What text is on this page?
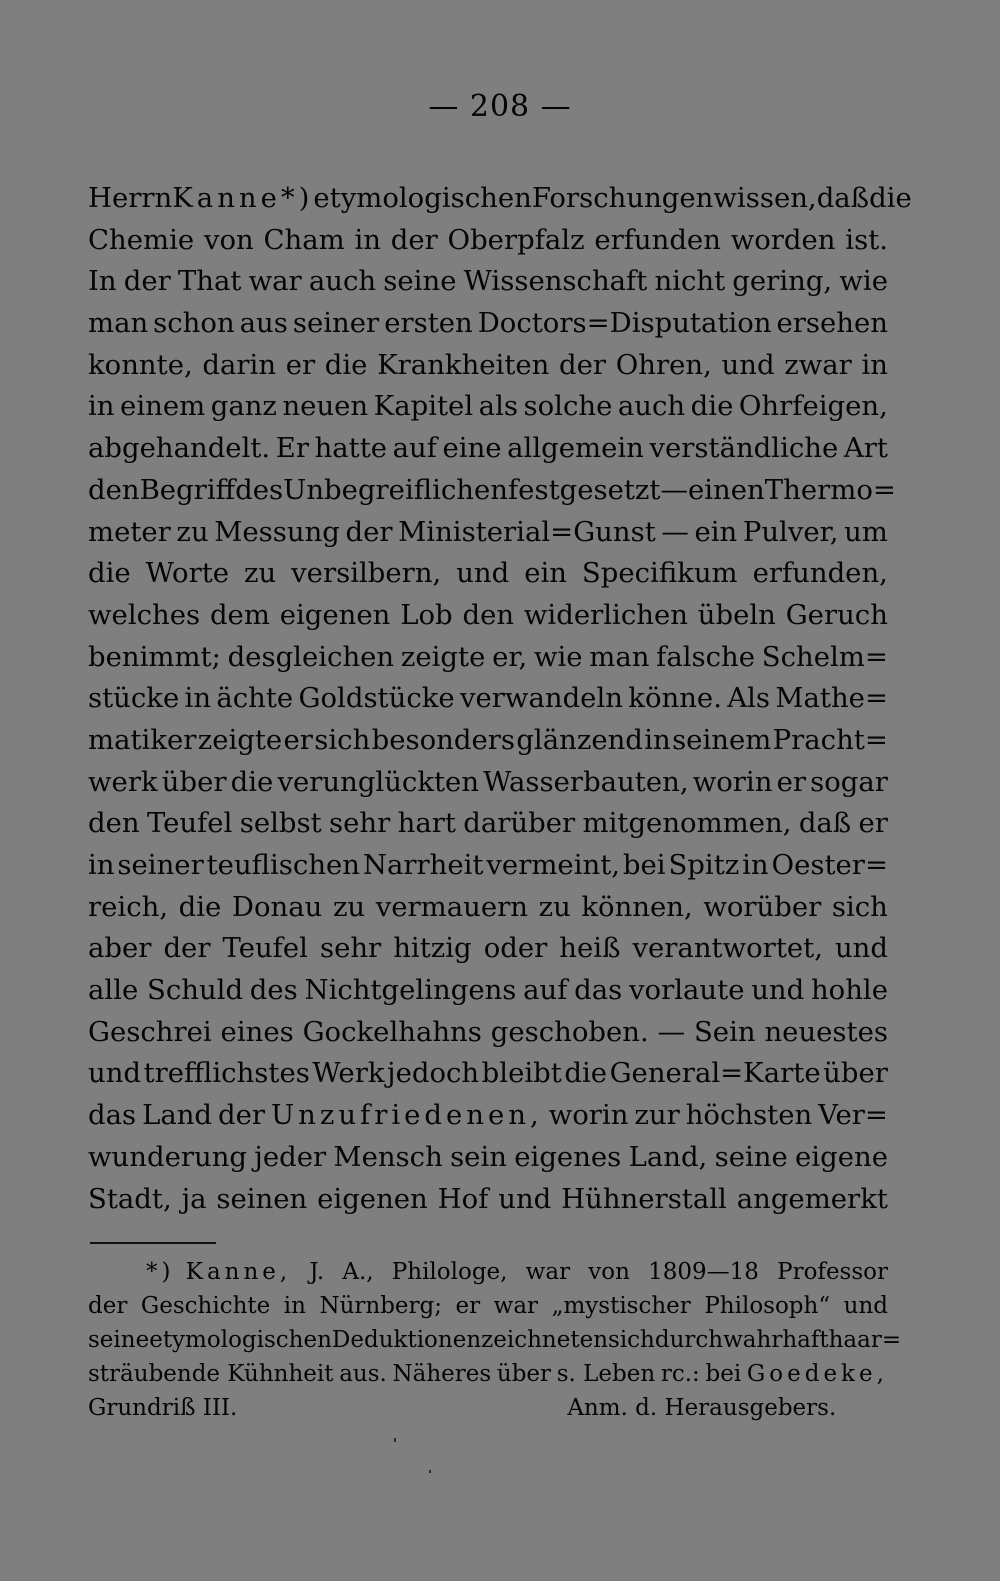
— 208 —
Herrn Kanne*) etymologischen Forschungen wissen, daß die
Chemie von Cham in der Oberpfalz erfunden worden ist.
In der That war auch seine Wissenschaft nicht gering, wie
man schon aus seiner ersten Doctors=Disputation ersehen
konnte, darin er die Krankheiten der Ohren, und zwar in
in einem ganz neuen Kapitel als solche auch die Ohrfeigen,
abgehandelt. Er hatte auf eine allgemein verständliche Art
den Begriff des Unbegreiflichen festgesetzt — einen Thermo=
meter zu Messung der Ministerial=Gunst — ein Pulver, um
die Worte zu versilbern, und ein Specifikum erfunden,
welches dem eigenen Lob den widerlichen übeln Geruch
benimmt; desgleichen zeigte er, wie man falsche Schelm=
stücke in ächte Goldstücke verwandeln könne. Als Mathe=
matiker zeigte er sich besonders glänzend in seinem Pracht=
werk über die verunglückten Wasserbauten, worin er sogar
den Teufel selbst sehr hart darüber mitgenommen, daß er
in seiner teuflischen Narrheit vermeint, bei Spitz in Oester=
reich, die Donau zu vermauern zu können, worüber sich
aber der Teufel sehr hitzig oder heiß verantwortet, und
alle Schuld des Nichtgelingens auf das vorlaute und hohle
Geschrei eines Gockelhahns geschoben. — Sein neuestes
und trefflichstes Werk jedoch bleibt die General=Karte über
das Land der Unzufriedenen, worin zur höchsten Ver=
wunderung jeder Mensch sein eigenes Land, seine eigene
Stadt, ja seinen eigenen Hof und Hühnerstall angemerkt
*) Kanne, J. A., Philologe, war von 1809—18 Professor
der Geschichte in Nürnberg; er war „mystischer Philosoph“ und
seine etymologischen Deduktionen zeichneten sich durch wahrhaft haar=
sträubende Kühnheit aus. Näheres über s. Leben rc.: bei Goedeke,
Grundriß III.	Anm. d. Herausgebers.
